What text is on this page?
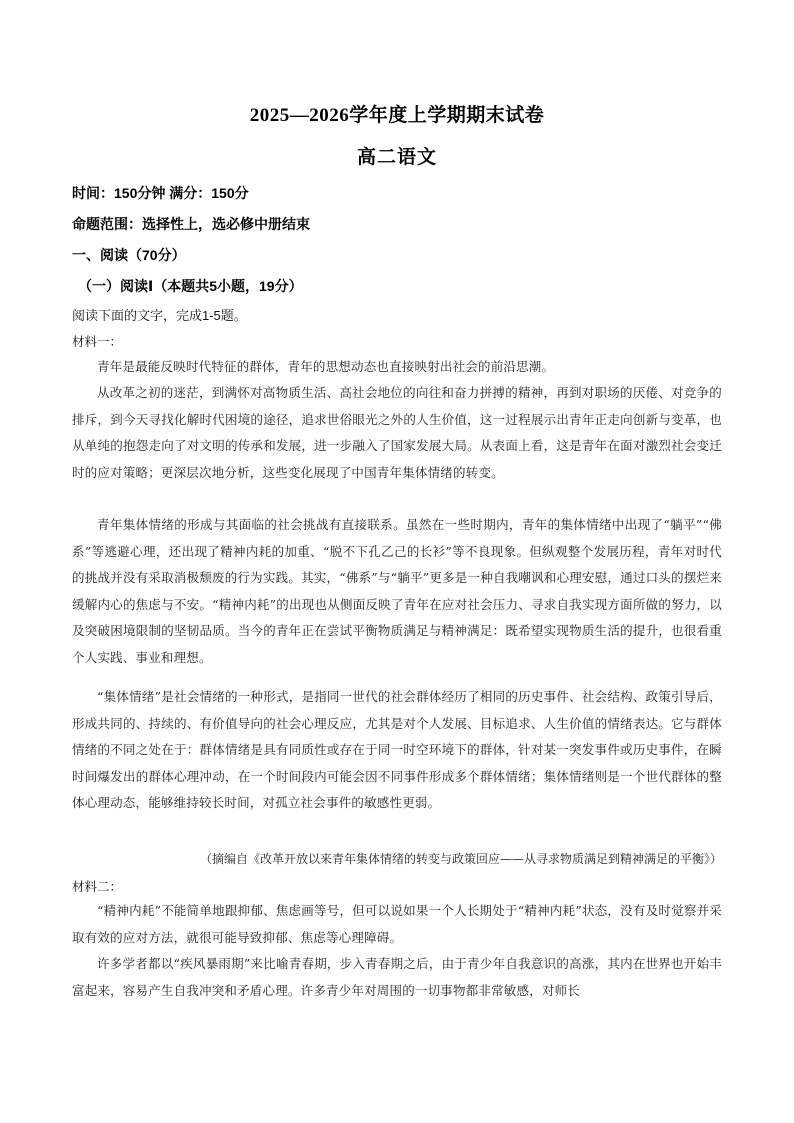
2025—2026学年度上学期期末试卷
高二语文
时间：150分钟 满分：150分
命题范围：选择性上，选必修中册结束
一、阅读（70分）
（一）阅读Ⅰ（本题共5小题，19分）
阅读下面的文字，完成1-5题。
材料一：

青年是最能反映时代特征的群体，青年的思想动态也直接映射出社会的前沿思潮。

从改革之初的迷茫，到满怀对高物质生活、高社会地位的向往和奋力拼搏的精神，再到对职场的厌倦、对竞争的排斥，到今天寻找化解时代困境的途径，追求世俗眼光之外的人生价值，这一过程展示出青年正走向创新与变革，也从单纯的抱怨走向了对文明的传承和发展，进一步融入了国家发展大局。从表面上看，这是青年在面对激烈社会变迁时的应对策略；更深层次地分析，这些变化展现了中国青年集体情绪的转变。

青年集体情绪的形成与其面临的社会挑战有直接联系。虽然在一些时期内，青年的集体情绪中出现了“躺平”“佛系”等逃避心理，还出现了精神内耗的加重、“脱不下孔乙己的长衫”等不良现象。但纵观整个发展历程，青年对时代的挑战并没有采取消极颓废的行为实践。其实，“佛系”与“躺平”更多是一种自我嘲讽和心理安慰，通过口头的摆烂来缓解内心的焦虑与不安。“精神内耗”的出现也从侧面反映了青年在应对社会压力、寻求自我实现方面所做的努力，以及突破困境限制的坚韧品质。当今的青年正在尝试平衡物质满足与精神满足：既希望实现物质生活的提升，也很看重个人实践、事业和理想。

“集体情绪”是社会情绪的一种形式，是指同一世代的社会群体经历了相同的历史事件、社会结构、政策引导后，形成共同的、持续的、有价值导向的社会心理反应，尤其是对个人发展、目标追求、人生价值的情绪表达。它与群体情绪的不同之处在于：群体情绪是具有同质性或存在于同一时空环境下的群体，针对某一突发事件或历史事件，在瞬时间爆发出的群体心理冲动，在一个时间段内可能会因不同事件形成多个群体情绪；集体情绪则是一个世代群体的整体心理动态，能够维持较长时间，对孤立社会事件的敏感性更弱。

（摘编自《改革开放以来青年集体情绪的转变与政策回应——从寻求物质满足到精神满足的平衡》）
材料二：

“精神内耗”不能简单地跟抑郁、焦虑画等号，但可以说如果一个人长期处于“精神内耗”状态，没有及时觉察并采取有效的应对方法，就很可能导致抑郁、焦虑等心理障碍。

许多学者都以“疾风暴雨期”来比喻青春期，步入青春期之后，由于青少年自我意识的高涨，其内在世界也开始丰富起来，容易产生自我冲突和矛盾心理。许多青少年对周围的一切事物都非常敏感，对师长
